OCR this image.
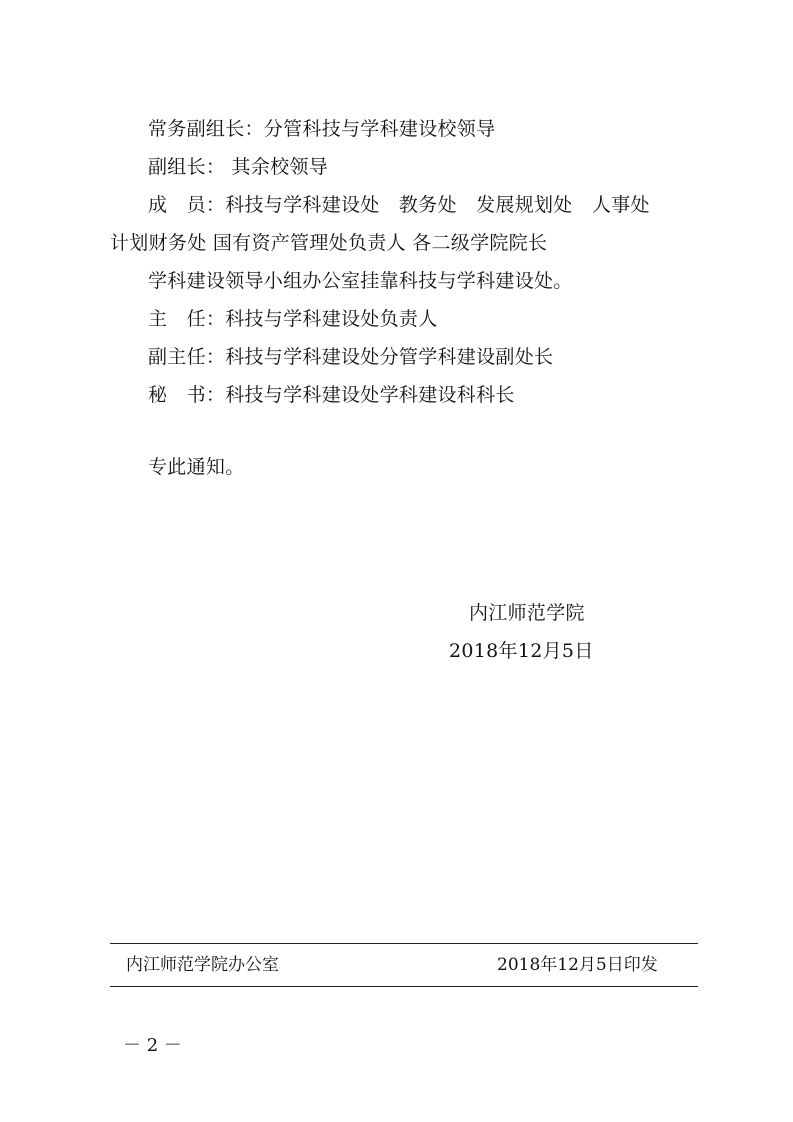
常务副组长：分管科技与学科建设校领导
副组长： 其余校领导
成　员：科技与学科建设处　教务处　发展规划处　人事处
计划财务处 国有资产管理处负责人 各二级学院院长
学科建设领导小组办公室挂靠科技与学科建设处。
主　任：科技与学科建设处负责人
副主任：科技与学科建设处分管学科建设副处长
秘　书：科技与学科建设处学科建设科科长
专此通知。
内江师范学院
2018年12月5日
内江师范学院办公室	2018年12月5日印发
－ 2 －
